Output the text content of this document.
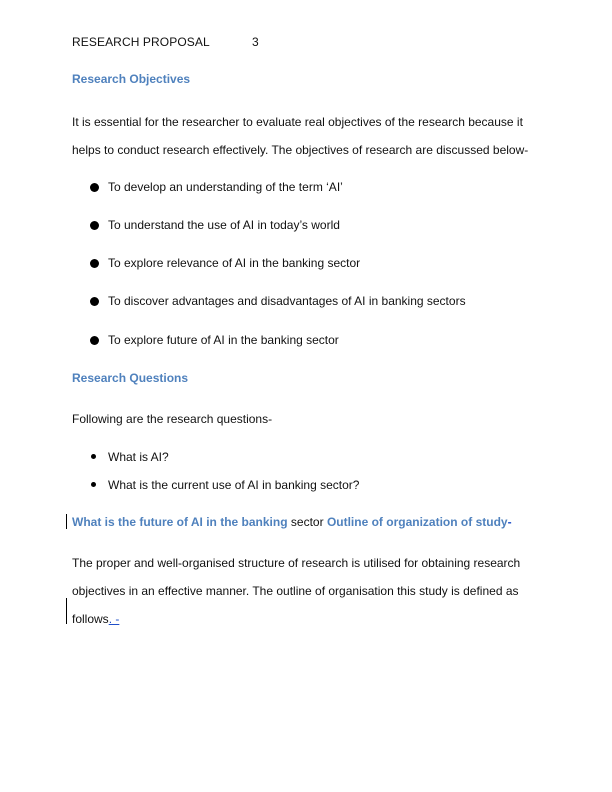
RESEARCH PROPOSAL	3
Research Objectives
It is essential for the researcher to evaluate real objectives of the research because it
helps to conduct research effectively. The objectives of research are discussed below-
To develop an understanding of the term ‘AI’
To understand the use of AI in today’s world
To explore relevance of AI in the banking sector
To discover advantages and disadvantages of AI in banking sectors
To explore future of AI in the banking sector
Research Questions
Following are the research questions-
What is AI?
What is the current use of AI in banking sector?
What is the future of AI in the banking sector Outline of organization of study-
The proper and well-organised structure of research is utilised for obtaining research
objectives in an effective manner. The outline of organisation this study is defined as
follows. -
